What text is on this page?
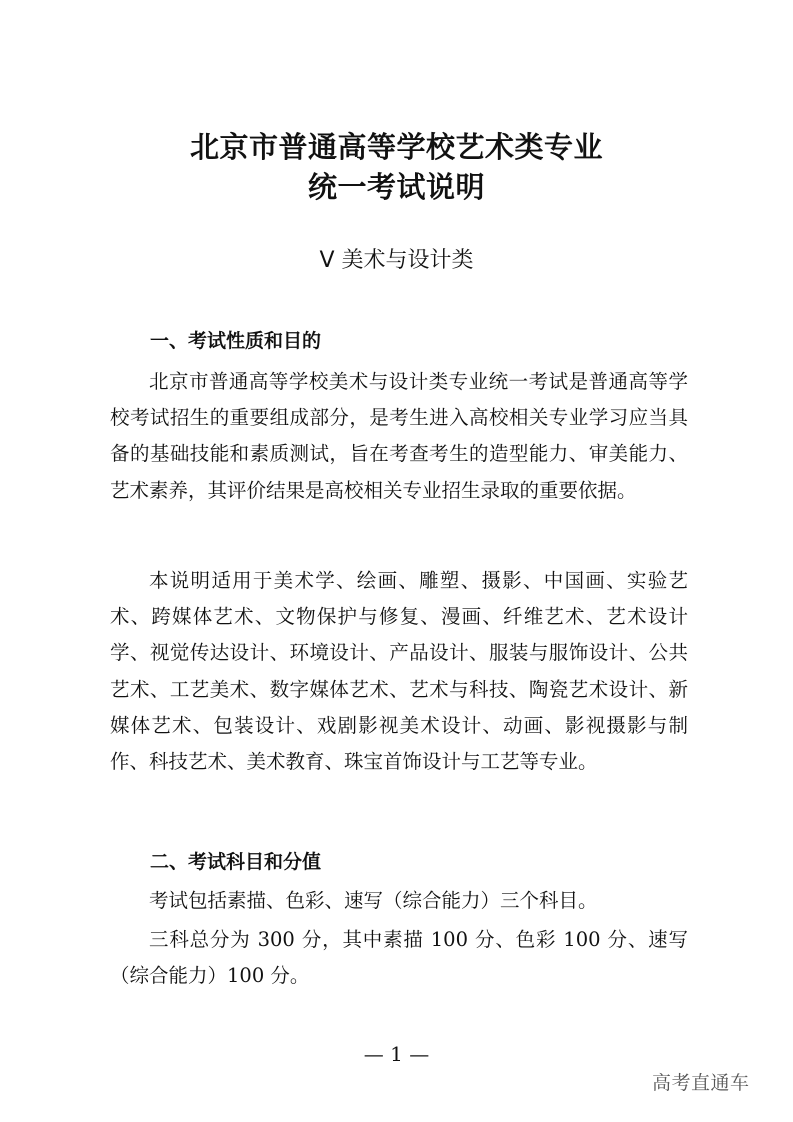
北京市普通高等学校艺术类专业
统一考试说明
V 美术与设计类
一、考试性质和目的
北京市普通高等学校美术与设计类专业统一考试是普通高等学校考试招生的重要组成部分，是考生进入高校相关专业学习应当具备的基础技能和素质测试，旨在考查考生的造型能力、审美能力、艺术素养，其评价结果是高校相关专业招生录取的重要依据。
本说明适用于美术学、绘画、雕塑、摄影、中国画、实验艺术、跨媒体艺术、文物保护与修复、漫画、纤维艺术、艺术设计学、视觉传达设计、环境设计、产品设计、服装与服饰设计、公共艺术、工艺美术、数字媒体艺术、艺术与科技、陶瓷艺术设计、新媒体艺术、包装设计、戏剧影视美术设计、动画、影视摄影与制作、科技艺术、美术教育、珠宝首饰设计与工艺等专业。
二、考试科目和分值
考试包括素描、色彩、速写（综合能力）三个科目。
三科总分为 300 分，其中素描 100 分、色彩 100 分、速写（综合能力）100 分。
— 1 —
高考直通车
